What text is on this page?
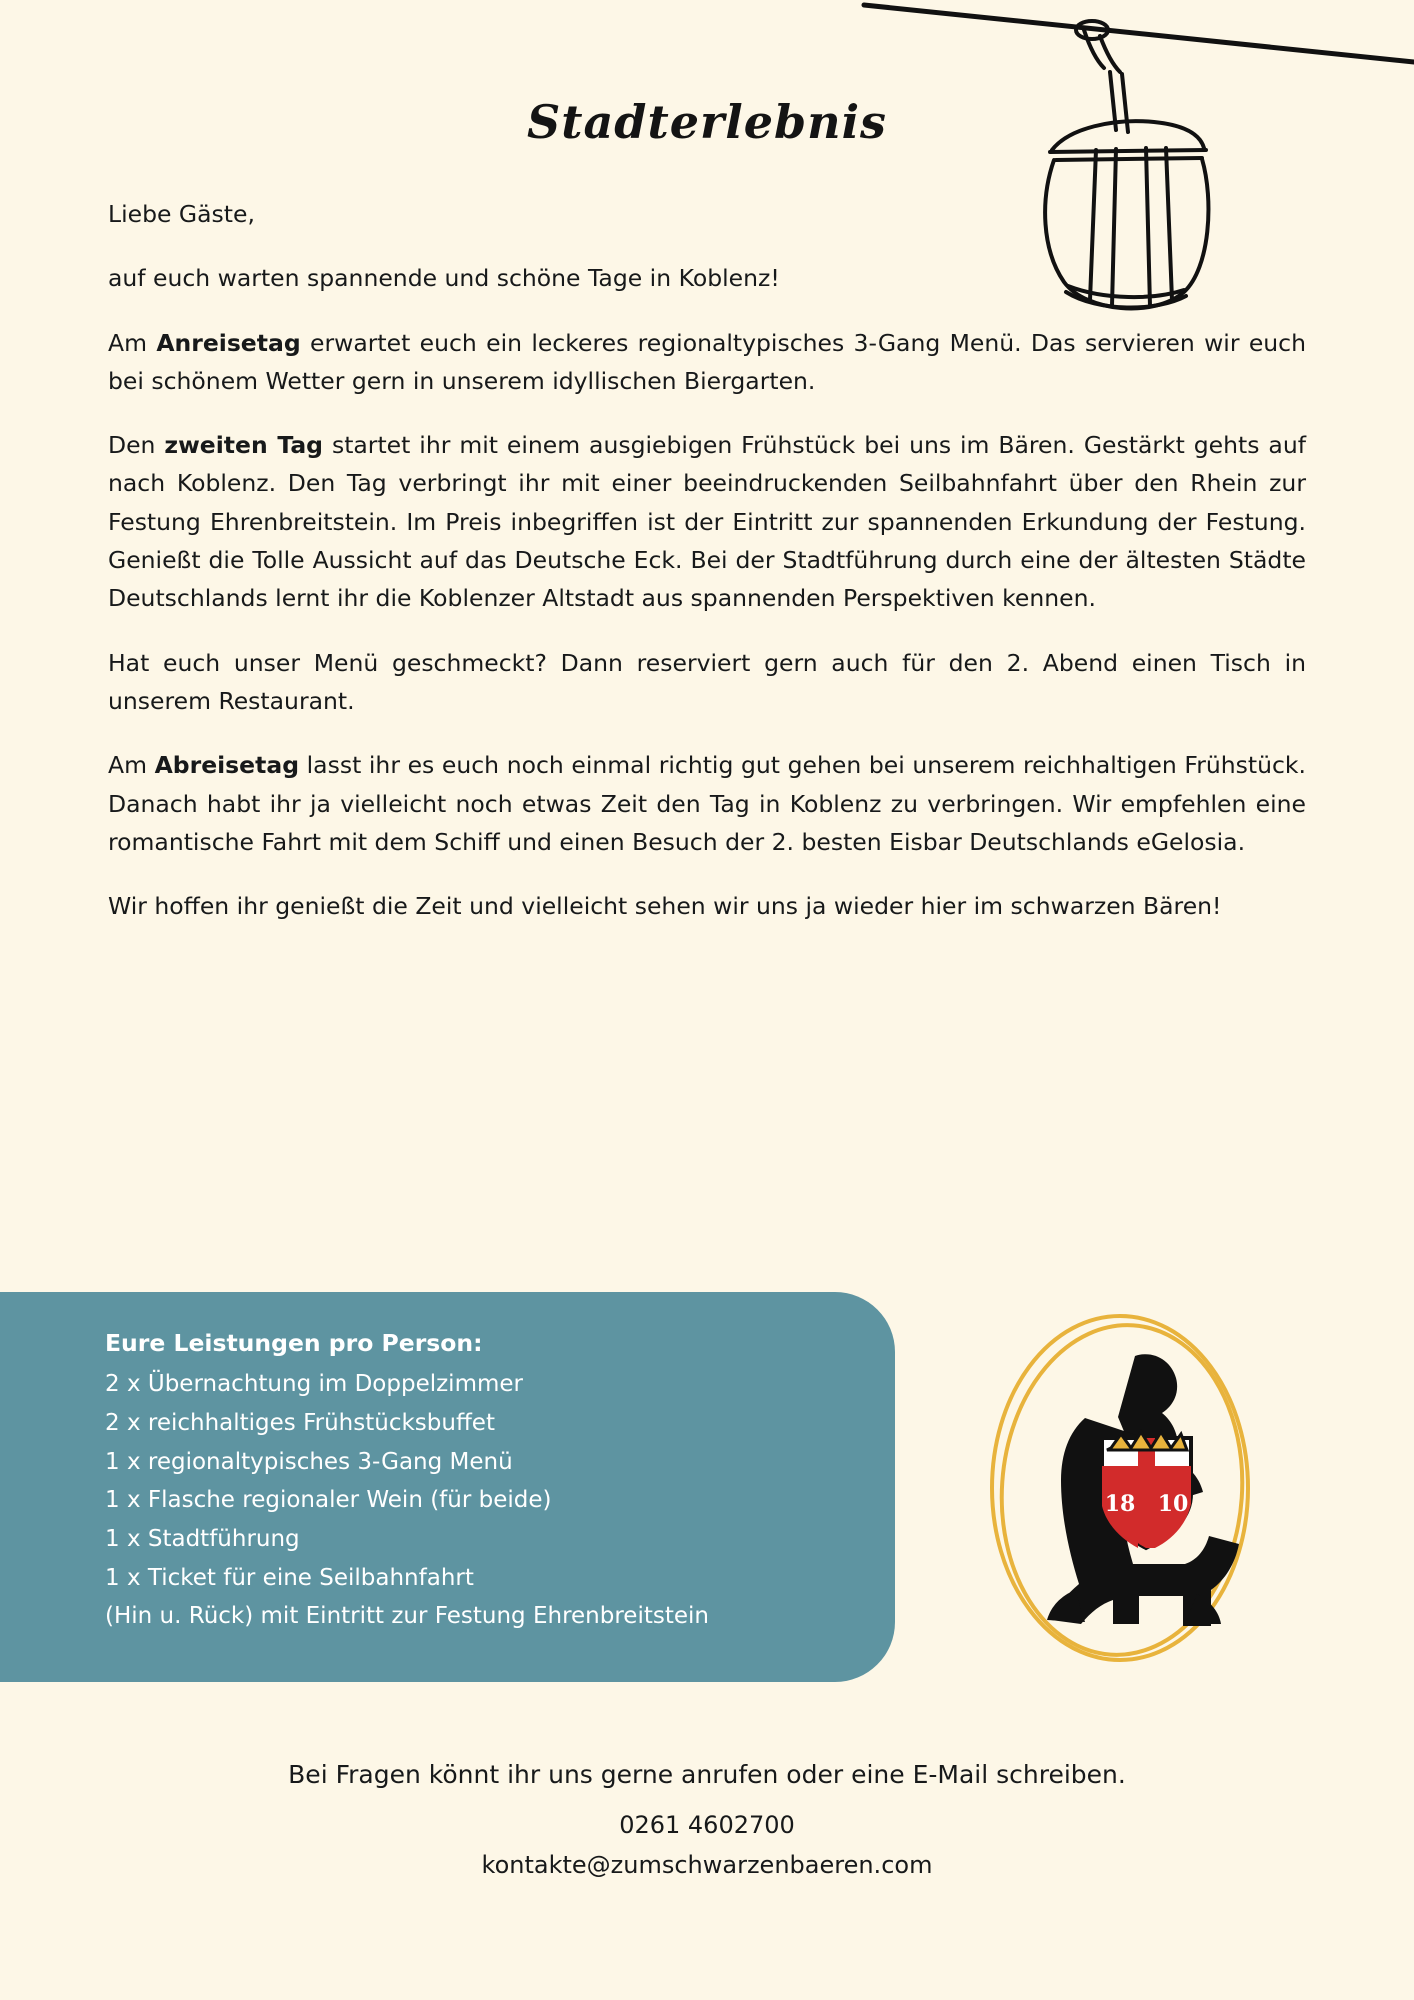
Stadterlebnis

Liebe Gäste,

auf euch warten spannende und schöne Tage in Koblenz!

Am Anreisetag erwartet euch ein leckeres regionaltypisches 3-Gang Menü. Das servieren wir euch bei schönem Wetter gern in unserem idyllischen Biergarten.

Den zweiten Tag startet ihr mit einem ausgiebigen Frühstück bei uns im Bären. Gestärkt gehts auf nach Koblenz. Den Tag verbringt ihr mit einer beeindruckenden Seilbahnfahrt über den Rhein zur Festung Ehrenbreitstein. Im Preis inbegriffen ist der Eintritt zur spannenden Erkundung der Festung. Genießt die Tolle Aussicht auf das Deutsche Eck. Bei der Stadtführung durch eine der ältesten Städte Deutschlands lernt ihr die Koblenzer Altstadt aus spannenden Perspektiven kennen.

Hat euch unser Menü geschmeckt? Dann reserviert gern auch für den 2. Abend einen Tisch in unserem Restaurant.

Am Abreisetag lasst ihr es euch noch einmal richtig gut gehen bei unserem reichhaltigen Frühstück. Danach habt ihr ja vielleicht noch etwas Zeit den Tag in Koblenz zu verbringen. Wir empfehlen eine romantische Fahrt mit dem Schiff und einen Besuch der 2. besten Eisbar Deutschlands eGelosia.

Wir hoffen ihr genießt die Zeit und vielleicht sehen wir uns ja wieder hier im schwarzen Bären!

Eure Leistungen pro Person:
2 x Übernachtung im Doppelzimmer
2 x reichhaltiges Frühstücksbuffet
1 x regionaltypisches 3-Gang Menü
1 x Flasche regionaler Wein (für beide)
1 x Stadtführung
1 x Ticket für eine Seilbahnfahrt
(Hin u. Rück) mit Eintritt zur Festung Ehrenbreitstein
18 10
Bei Fragen könnt ihr uns gerne anrufen oder eine E-Mail schreiben.
0261 4602700
kontakte@zumschwarzenbaeren.com
